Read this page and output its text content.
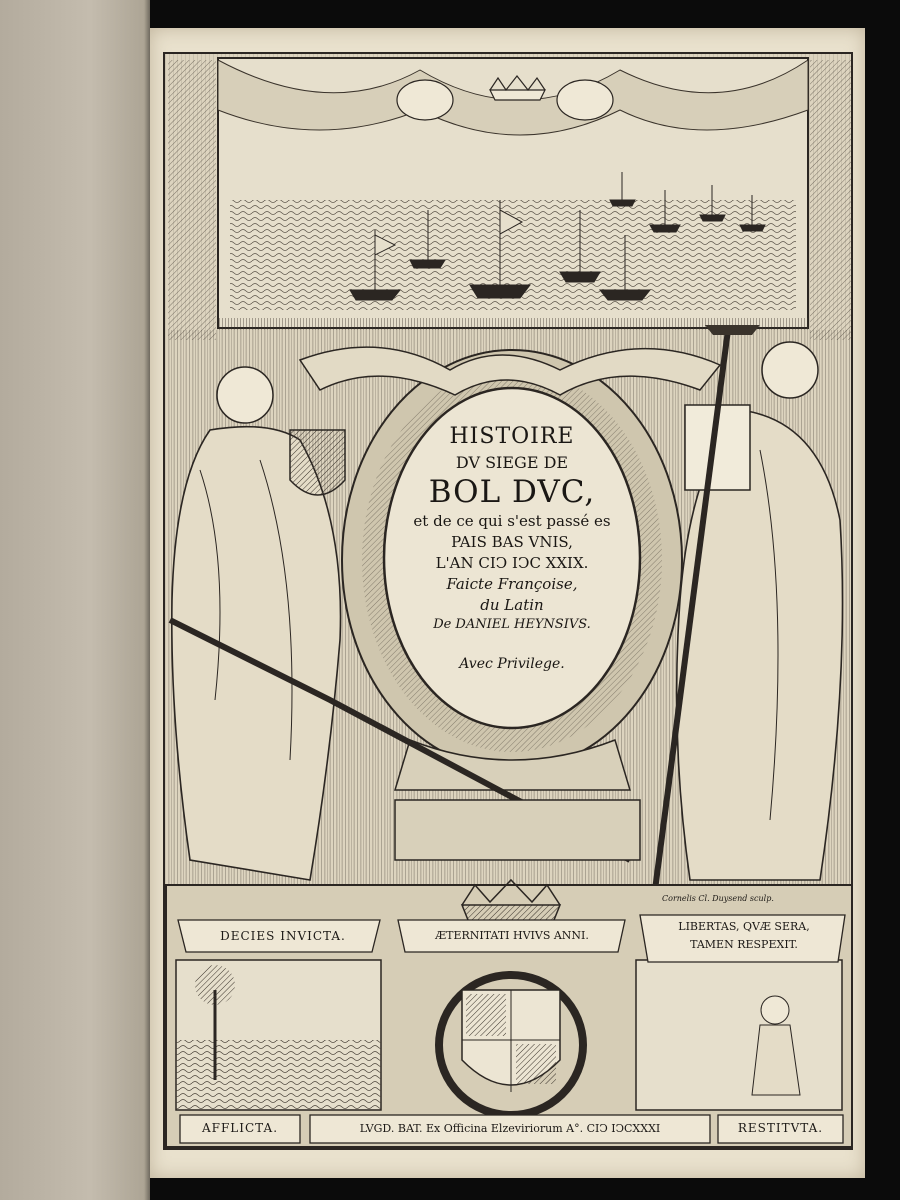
HISTOIRE
DV SIEGE DE
BOL DVC,
et de ce qui s'est passé es
PAIS BAS VNIS,
L'AN CIↃ IↃC XXIX.
Faicte Françoise,
du Latin
De DANIEL HEYNSIVS.
Avec Privilege.
Cornelis Cl. Duysend sculp.
DECIES INVICTA.	ÆTERNITATI HVIVS ANNI.
LIBERTAS, QVÆ SERA,
TAMEN RESPEXIT.
AFFLICTA.	LVGD. BAT. Ex Officina Elzeviriorum A°. CIↃ IↃCXXXI	RESTITVTA.
